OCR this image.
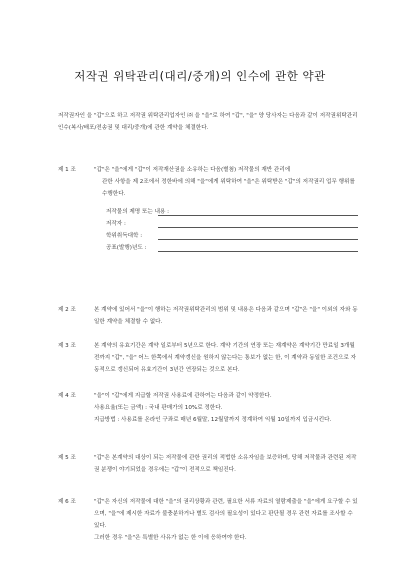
저작권 위탁관리(대리/중개)의 인수에 관한 약관
저작권자인 을 "갑"으로 하고 저작권 위탁관리업자인 ㈜ 을 "을"로 하여 "갑", "을" 양 당사자는 다음과 같이 저작권위탁관리인수(복사/배포/전송권 및 대리/중개)에 관한 계약을 체결한다.
제 1 조	"갑"은 "을"에게 "갑"이 저작재산권을 소유하는 다음(별첨) 저작물의 재반 관리에
관한 사항을 제 2조에서 정한바에 의해 "을"에게 위탁하여 "을"은 위탁받은 "갑"의 저작권리 업무 행위를 수행한다.
저작물의 제명 또는 내용 :
저작자 :
학위취득대학 :
공표(발행)년도 :
제 2 조	본 계약에 있어서 "을"이 행하는 저작권위탁관리의 범위 및 내용은 다음과 같으며 "갑"은 "을" 이외의 자와 동일한 계약을 체결할 수 없다.
제 3 조	본 계약의 유효기간은 계약 일로부터 5년으로 한다. 계약 기간의 연장 또는 재계약은 계약기간 만료일 3개월 전까지 "갑", "을" 어느 한쪽에서 계약갱신을 원하지 않는다는 통보가 없는 한, 이 계약과 동일한 조건으로 자동적으로 갱신되어 유효기간이 3년간 연장되는 것으로 본다.
제 4 조	"을"이 "갑"에게 지급할 저작권 사용료에 관하여는 다음과 같이 약정한다.
사용요율(또는 금액) : 국내 판매가의 10%로 정한다.
지급방법 : 사용료를 온라인 구좌로 매년 6월말, 12월말까지 정계하여 익월 10일까지 입금시킨다.
제 5 조	"갑"은 본계약의 대상이 되는 저작물에 관한 권리의 적법한 소유자임을 보증하며, 당해 저작물과 관련된 저작권 분쟁이 야기되었을 경우에는 "갑"이 전적으로 책임진다.
제 6 조	"갑"은 자신의 저작물에 대한 "을"의 권리상황과 관련, 필요한 서류 자료의 열람제출을 "을"에게 요구할 수 있으며, "을"에 제시한 자료가 불충분하거나 별도 검사의 필요성이 있다고 판단될 경우 관련 자료를 조사할 수 있다.
그러한 경우 "을"은 특별한 사유가 없는 한 이에 응하여야 한다.
